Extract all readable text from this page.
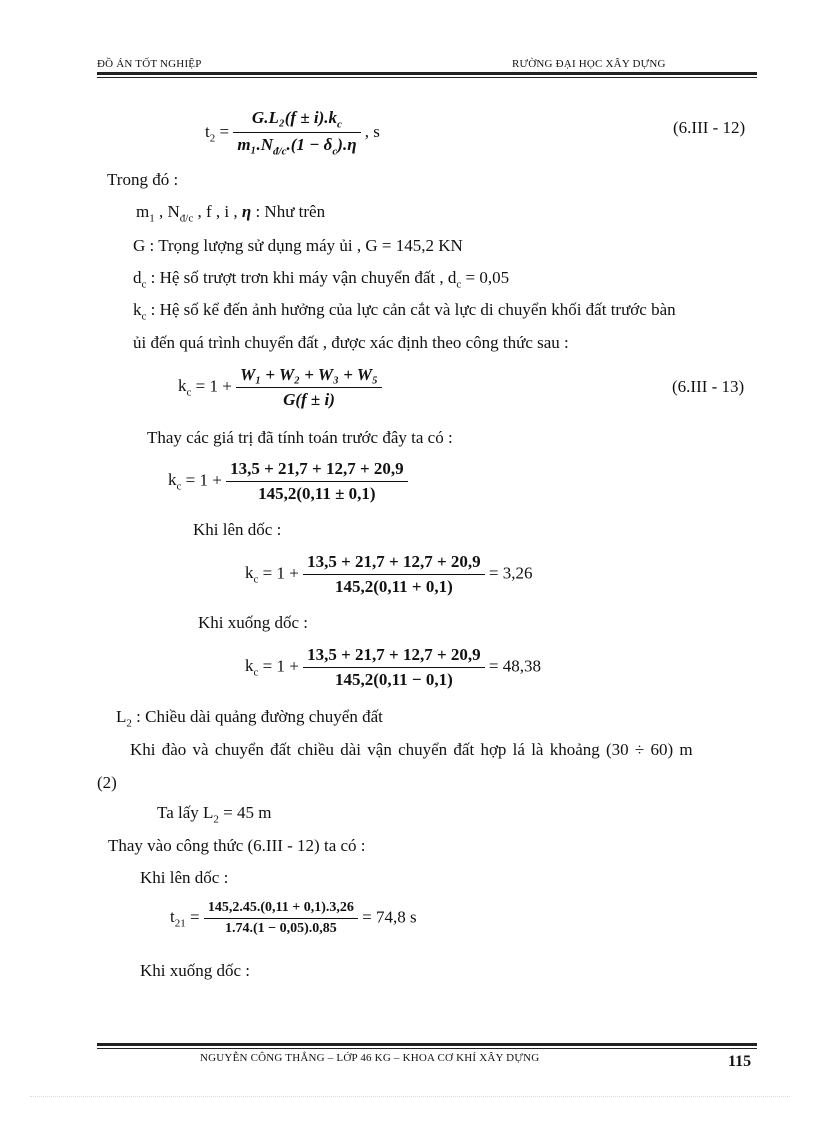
ĐỒ ÁN TỐT NGHIỆP	RƯỜNG ĐẠI HỌC XÂY DỰNG
$t_2 = \frac{G.L_2(f \pm i).k_c}{m_1.N_{đ/c}.(1 - \delta_c).\eta}$ , s	(6.III - 12)
Trong đó :
$m_1$ , $N_{đ/c}$ , f , i , η : Như trên
G : Trọng lượng sử dụng máy ủi , G = 145,2 KN
$d_c$ : Hệ số trượt trơn khi máy vận chuyển đất , $d_c = 0,05$
$k_c$ : Hệ số kể đến ảnh hưởng của lực cản cắt và lực di chuyển khối đất trước bàn
ủi đến quá trình chuyển đất , được xác định theo công thức sau :
$k_c = 1 + \frac{\text{W₁ + W₂ + W₃ + W₅}}{G(f \pm i)}$	(6.III - 13)
Thay các giá trị đã tính toán trước đây ta có :
$k_c = 1 + \frac{13,5 + 21,7 + 12,7 + 20,9}{145,2(0,11 \pm 0,1)}$
Khi lên dốc :
$k_c = 1 + \frac{13,5 + 21,7 + 12,7 + 20,9}{145,2(0,11 + 0,1)} = 3,26$
Khi xuống dốc :
$k_c = 1 + \frac{13,5 + 21,7 + 12,7 + 20,9}{145,2(0,11 - 0,1)} = 48,38$
$L_2$ : Chiều dài quảng đường chuyển đất
Khi đào và chuyển đất chiều dài vận chuyển đất hợp lá là khoảng (30 ÷ 60) m
(2)
Ta lấy $L_2 = 45$ m
Thay vào công thức (6.III - 12) ta có :
Khi lên dốc :
$t_{21} = \frac{145,2.45.(0,11 + 0,1).3,26}{1.74.(1 - 0,05).0,85} = 74,8$ s
Khi xuống dốc :
NGUYỄN CÔNG THẮNG – LỚP 46 KG – KHOA CƠ KHÍ XÂY DỰNG	115
